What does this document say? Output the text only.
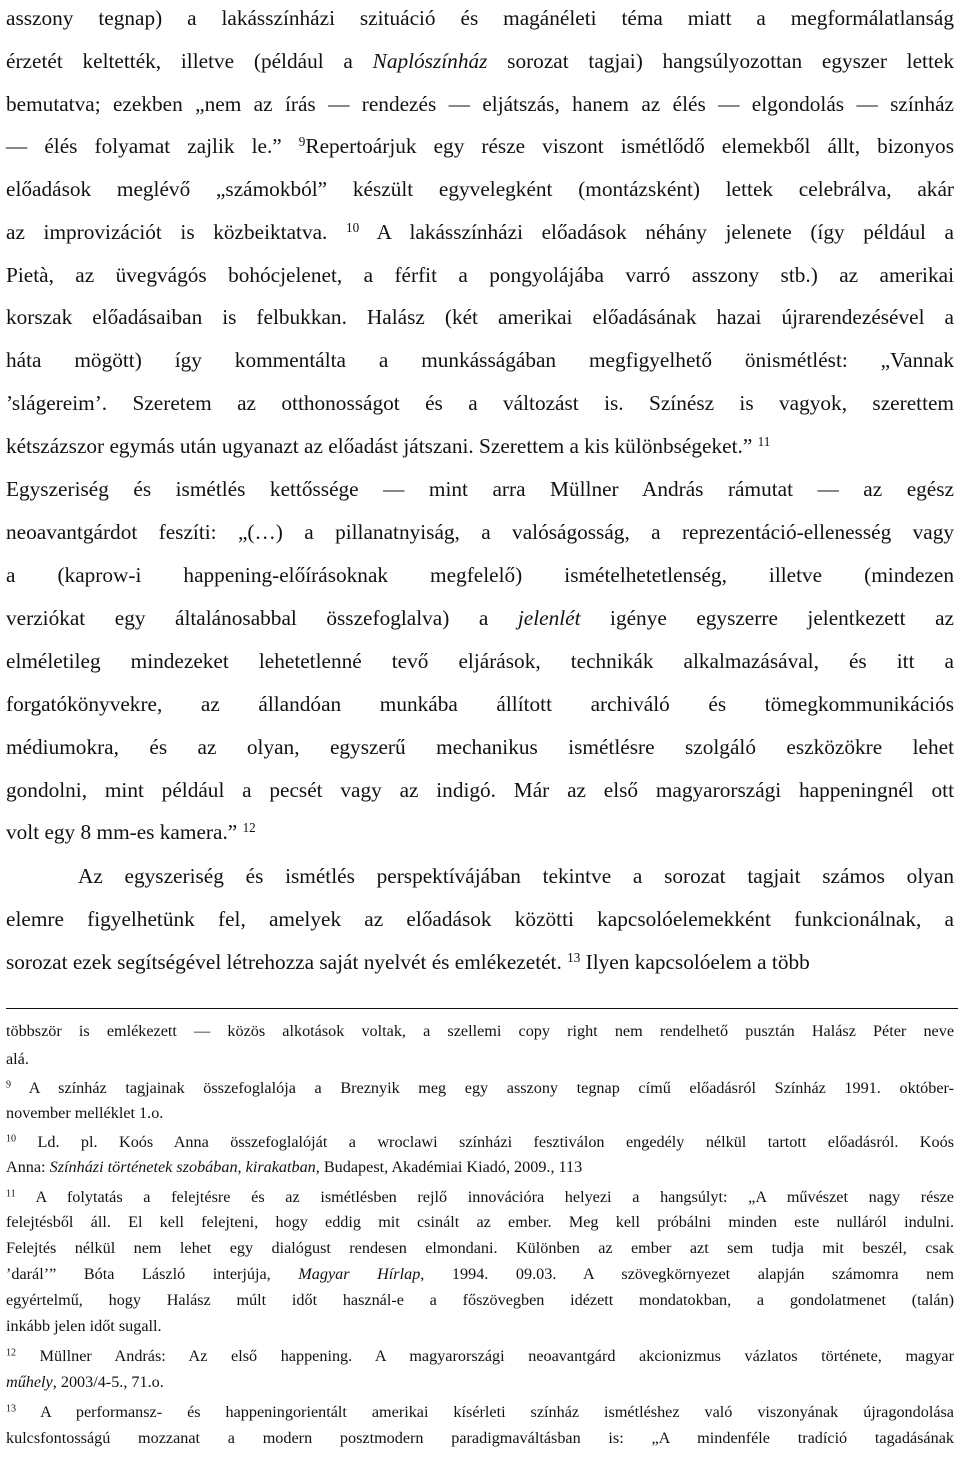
asszony tegnap) a lakásszínházi szituáció és magánéleti téma miatt a megformálatlanság
érzetét keltették, illetve (például a Naplószínház sorozat tagjai) hangsúlyozottan egyszer lettek
bemutatva; ezekben „nem az írás — rendezés — eljátszás, hanem az élés — elgondolás — színház
— élés folyamat zajlik le.” $^9$Repertoárjuk egy része viszont ismétlődő elemekből állt, bizonyos
előadások meglévő „számokból” készült egyvelegként (montázsként) lettek celebrálva, akár
az improvizációt is közbeiktatva. $^{10}$ A lakásszínházi előadások néhány jelenete (így például a
Pietà, az üvegvágós bohócjelenet, a férfit a pongyolájába varró asszony stb.) az amerikai
korszak előadásaiban is felbukkan. Halász (két amerikai előadásának hazai újrarendezésével a
háta mögött) így kommentálta a munkásságában megfigyelhető önismétlést: „Vannak
’slágereim’. Szeretem az otthonosságot és a változást is. Színész is vagyok, szerettem
kétszázszor egymás után ugyanazt az előadást játszani. Szerettem a kis különbségeket.” $^{11}$
Egyszeriség és ismétlés kettőssége — mint arra Müllner András rámutat — az egész
neoavantgárdot feszíti: „(…) a pillanatnyiság, a valóságosság, a reprezentáció-ellenesség vagy
a (kaprow-i happening-előírásoknak megfelelő) ismételhetetlenség, illetve (mindezen
verziókat egy általánosabbal összefoglalva) a jelenlét igénye egyszerre jelentkezett az
elméletileg mindezeket lehetetlenné tevő eljárások, technikák alkalmazásával, és itt a
forgatókönyvekre, az állandóan munkába állított archiváló és tömegkommunikációs
médiumokra, és az olyan, egyszerű mechanikus ismétlésre szolgáló eszközökre lehet
gondolni, mint például a pecsét vagy az indigó. Már az első magyarországi happeningnél ott
volt egy 8 mm-es kamera.” $^{12}$
Az egyszeriség és ismétlés perspektívájában tekintve a sorozat tagjait számos olyan
elemre figyelhetünk fel, amelyek az előadások közötti kapcsolóelemekként funkcionálnak, a
sorozat ezek segítségével létrehozza saját nyelvét és emlékezetét. $^{13}$ Ilyen kapcsolóelem a több
többször is emlékezett — közös alkotások voltak, a szellemi copy right nem rendelhető pusztán Halász Péter neve
alá.
$^9$ A színház tagjainak összefoglalója a Breznyik meg egy asszony tegnap című előadásról Színház 1991. október-
november melléklet 1.o.
$^{10}$ Ld. pl. Koós Anna összefoglalóját a wroclawi színházi fesztiválon engedély nélkül tartott előadásról. Koós
Anna: Színházi történetek szobában, kirakatban, Budapest, Akadémiai Kiadó, 2009., 113
$^{11}$ A folytatás a felejtésre és az ismétlésben rejlő innovációra helyezi a hangsúlyt: „A művészet nagy része
felejtésből áll. El kell felejteni, hogy eddig mit csinált az ember. Meg kell próbálni minden este nulláról indulni.
Felejtés nélkül nem lehet egy dialógust rendesen elmondani. Különben az ember azt sem tudja mit beszél, csak
’darál’” Bóta László interjúja, Magyar Hírlap, 1994. 09.03. A szövegkörnyezet alapján számomra nem
egyértelmű, hogy Halász múlt időt használ-e a főszövegben idézett mondatokban, a gondolatmenet (talán)
inkább jelen időt sugall.
$^{12}$ Müllner András: Az első happening. A magyarországi neoavantgárd akcionizmus vázlatos története, magyar
műhely, 2003/4-5., 71.o.
$^{13}$ A performansz- és happeningorientált amerikai kísérleti színház ismétléshez való viszonyának újragondolása
kulcsfontosságú mozzanat a modern posztmodern paradigmaváltásban is: „A mindenféle tradíció tagadásának
